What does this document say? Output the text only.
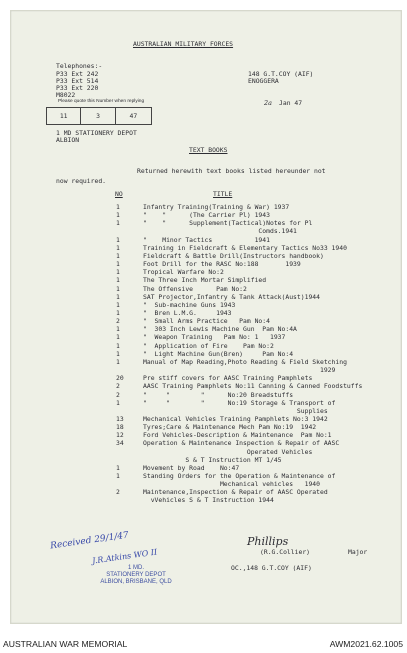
AUSTRALIAN MILITARY FORCES
Telephones:-
P33 Ext 242
P33 Ext 514
P33 Ext 220
M8022
Please quote this Number when replying
11	3	47
148 G.T.COY (AIF)
ENOGGERA
2a Jan 47
1 MD STATIONERY DEPOT
ALBION
TEXT BOOKS
Returned herewith text books listed hereunder not
now required.
NO	TITLE
1	Infantry Training(Training & War) 1937
1	"    "      (The Carrier Pl) 1943
1	"    "      Supplement(Tactical)Notes for Pl
Comds.1941
1	"    Minor Tactics           1941
1	Training in Fieldcraft & Elementary Tactics No33 1940
1	Fieldcraft & Battle Drill(Instructors handbook)
1	Foot Drill for the RASC No:188       1939
1	Tropical Warfare No:2
1	The Three Inch Mortar Simplified
1	The Offensive      Pam No:2
1	SAT Projector,Infantry & Tank Attack(Aust)1944
1	"  Sub-machine Guns 1943
1	"  Bren L.M.G.     1943
2	"  Small Arms Practice   Pam No:4
1	"  303 Inch Lewis Machine Gun  Pam No:4A
1	"  Weapon Training   Pam No: 1   1937
1	"  Application of Fire    Pam No:2
1	"  Light Machine Gun(Bren)     Pam No:4
1	Manual of Map Reading,Photo Reading & Field Sketching
1929
20	Pre stiff covers for AASC Training Pamphlets
2	AASC Training Pamphlets No:11 Canning & Canned Foodstuffs
2	"     "        "      No:20 Breadstuffs
1	"     "        "      No:19 Storage & Transport of
Supplies
13	Mechanical Vehicles Training Pamphlets No:3 1942
18	Tyres;Care & Maintenance Mech Pam No:19  1942
12	Ford Vehicles-Description & Maintenance  Pam No:1
34	Operation & Maintenance Inspection & Repair of AASC
Operated Vehicles
S & T Instruction MT 1/45
1	Movement by Road    No:47
1	Standing Orders for the Operation & Maintenance of
Mechanical vehicles   1940
2	Maintenance,Inspection & Repair of AASC Operated
vVehicles S & T Instruction 1944
Phillips
(R.G.Collier)	Major
OC.,148 G.T.COY (AIF)
Received 29/1/47
J.R.Atkins WO II
1 MD.
STATIONERY DEPOT
ALBION, BRISBANE, QLD
AUSTRALIAN WAR MEMORIAL	AWM2021.62.1005
